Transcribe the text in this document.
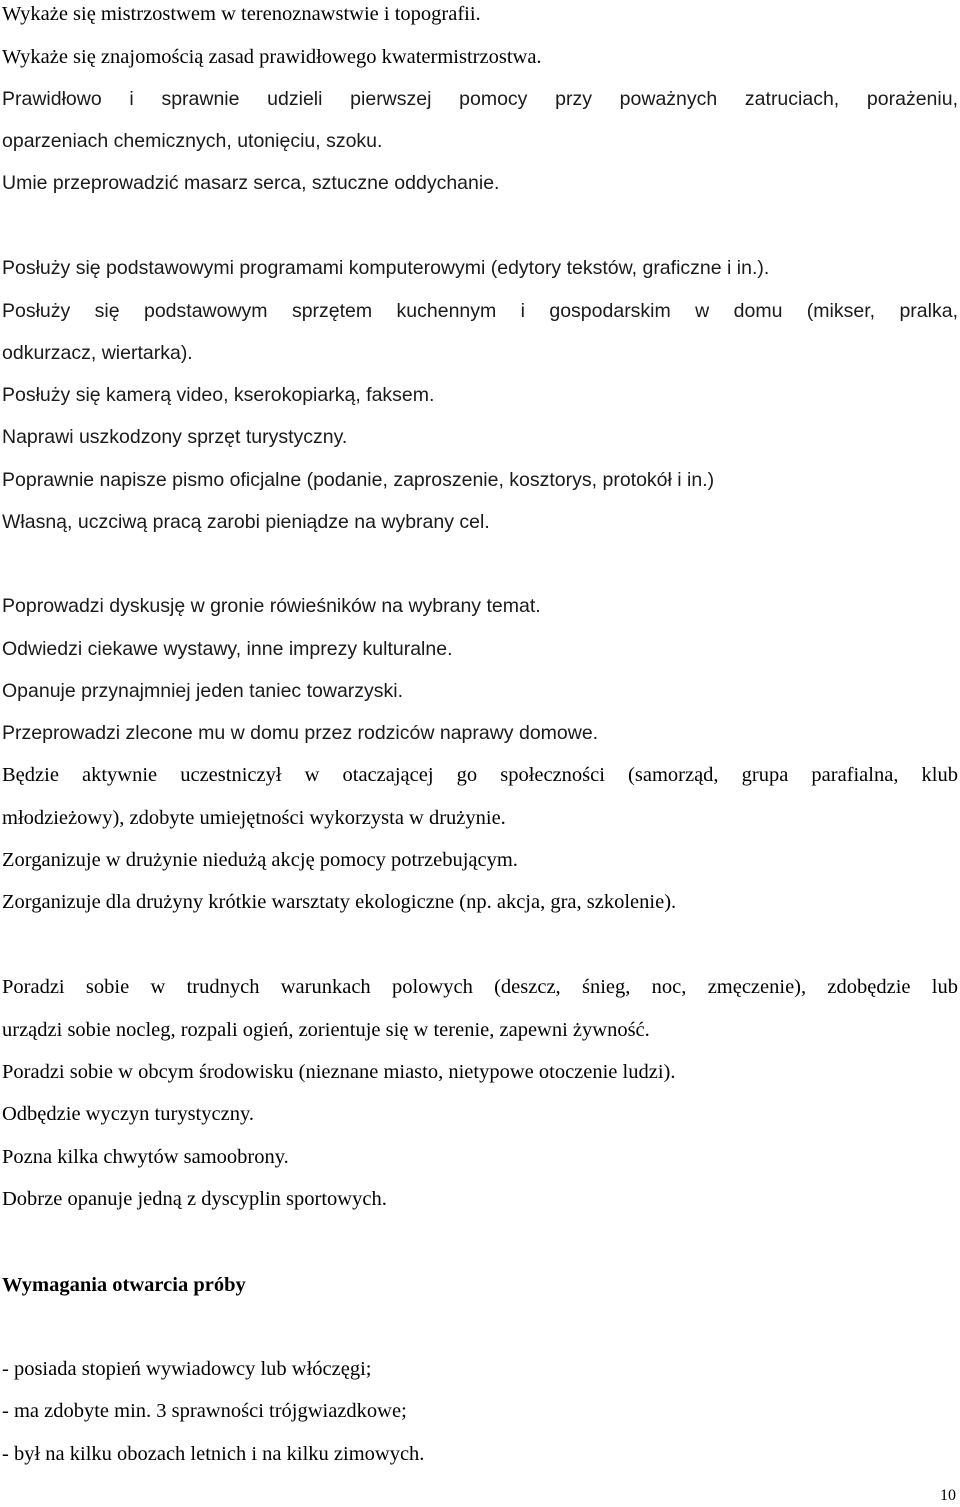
Wykaże się mistrzostwem w terenoznawstwie i topografii.
Wykaże się znajomością zasad prawidłowego kwatermistrzostwa.
Prawidłowo i sprawnie udzieli pierwszej pomocy przy poważnych zatruciach, porażeniu,
oparzeniach chemicznych, utonięciu, szoku.
Umie przeprowadzić masarz serca, sztuczne oddychanie.
Posłuży się podstawowymi programami komputerowymi (edytory tekstów, graficzne i in.).
Posłuży się podstawowym sprzętem kuchennym i gospodarskim w domu (mikser, pralka,
odkurzacz, wiertarka).
Posłuży się kamerą video, kserokopiarką, faksem.
Naprawi uszkodzony sprzęt turystyczny.
Poprawnie napisze pismo oficjalne (podanie, zaproszenie, kosztorys, protokół i in.)
Własną, uczciwą pracą zarobi pieniądze na wybrany cel.
Poprowadzi dyskusję w gronie rówieśników na wybrany temat.
Odwiedzi ciekawe wystawy, inne imprezy kulturalne.
Opanuje przynajmniej jeden taniec towarzyski.
Przeprowadzi zlecone mu w domu przez rodziców naprawy domowe.
Będzie aktywnie uczestniczył w otaczającej go społeczności (samorząd, grupa parafialna, klub
młodzieżowy), zdobyte umiejętności wykorzysta w drużynie.
Zorganizuje w drużynie niedużą akcję pomocy potrzebującym.
Zorganizuje dla drużyny krótkie warsztaty ekologiczne (np. akcja, gra, szkolenie).
Poradzi sobie w trudnych warunkach polowych (deszcz, śnieg, noc, zmęczenie), zdobędzie lub
urządzi sobie nocleg, rozpali ogień, zorientuje się w terenie, zapewni żywność.
Poradzi sobie w obcym środowisku (nieznane miasto, nietypowe otoczenie ludzi).
Odbędzie wyczyn turystyczny.
Pozna kilka chwytów samoobrony.
Dobrze opanuje jedną z dyscyplin sportowych.
Wymagania otwarcia próby
- posiada stopień wywiadowcy lub włóczęgi;
- ma zdobyte min. 3 sprawności trójgwiazdkowe;
- był na kilku obozach letnich i na kilku zimowych.
10
